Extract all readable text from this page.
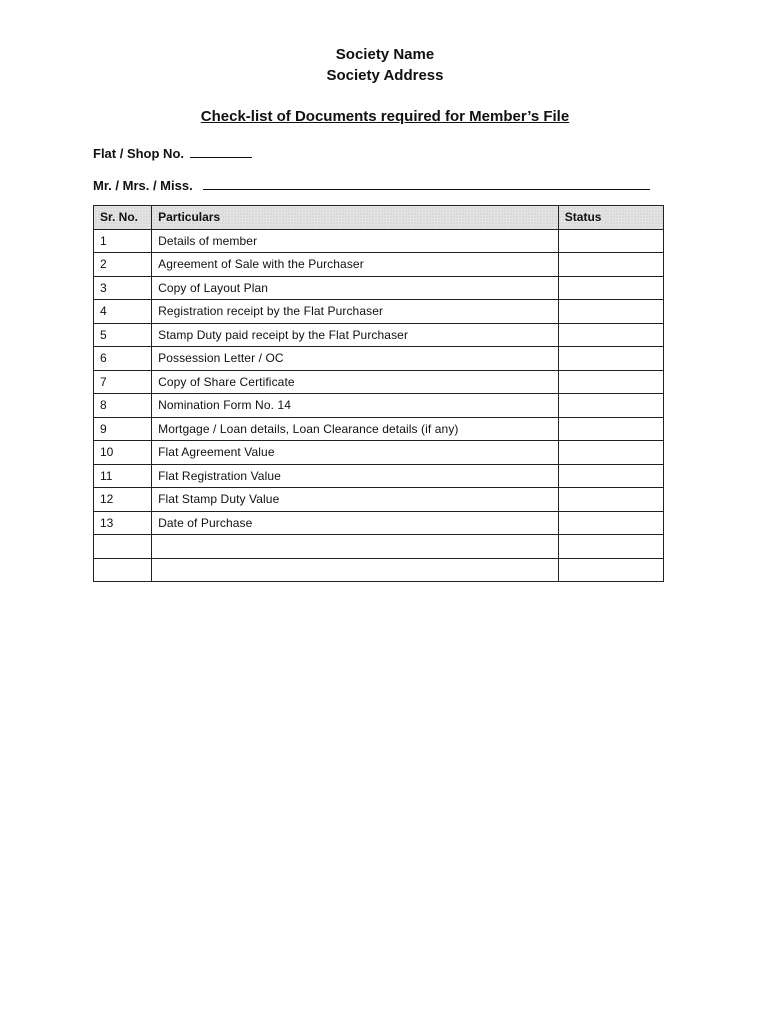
Society Name
Society Address
Check-list of Documents required for Member’s File
Flat / Shop No.
Mr. / Mrs. / Miss.
Sr. No.	Particulars	Status
1	Details of member	
2	Agreement of Sale with the Purchaser	
3	Copy of Layout Plan	
4	Registration receipt by the Flat Purchaser	
5	Stamp Duty paid receipt by the Flat Purchaser	
6	Possession Letter / OC	
7	Copy of Share Certificate	
8	Nomination Form No. 14	
9	Mortgage / Loan details, Loan Clearance details (if any)	
10	Flat Agreement Value	
11	Flat Registration Value	
12	Flat Stamp Duty Value	
13	Date of Purchase	
